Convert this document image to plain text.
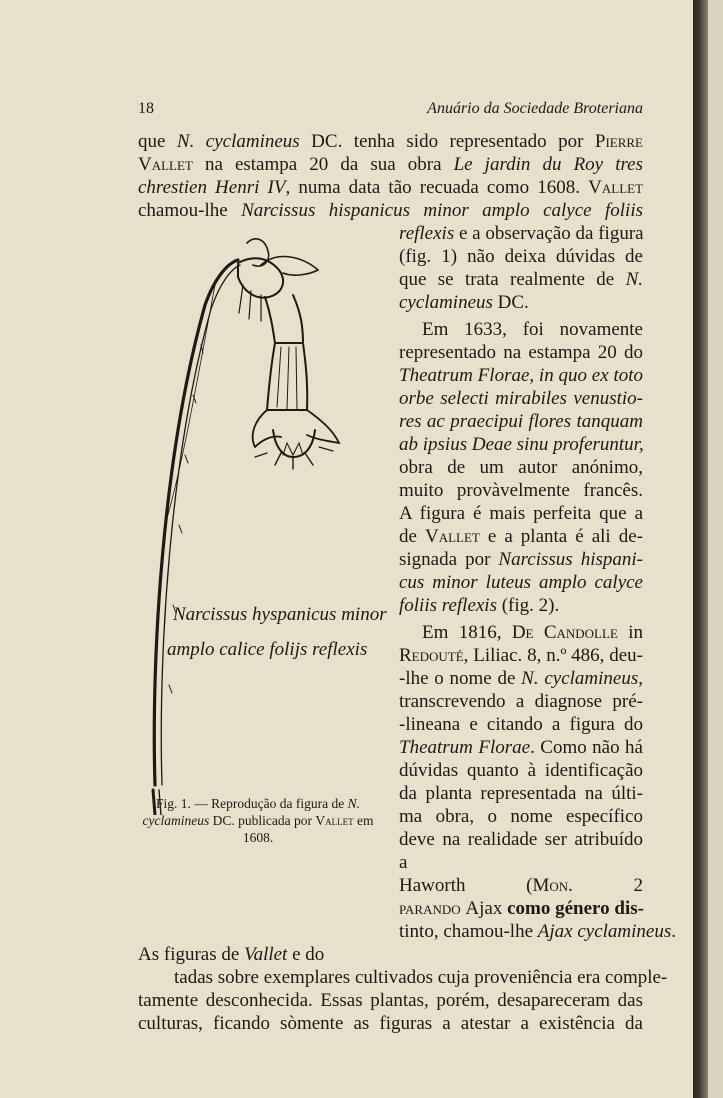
18	Anuário da Sociedade Broteriana
que N. cyclamineus DC. tenha sido representado por Pierre
Vallet na estampa 20 da sua obra Le jardin du Roy tres
chrestien Henri IV, numa data tão recuada como 1608. Vallet
chamou-lhe Narcissus hispanicus minor amplo calyce foliis
reflexis e a observação da figura
(fig. 1) não deixa dúvidas de
que se trata realmente de N.
cyclamineus DC.
Em 1633, foi novamente
representado na estampa 20 do
Theatrum Florae, in quo ex toto
orbe selecti mirabiles venustio-
res ac praecipui flores tanquam
ab ipsius Deae sinu proferuntur,
obra de um autor anónimo,
muito provàvelmente francês.
A figura é mais perfeita que a
de Vallet e a planta é ali de-
signada por Narcissus hispani-
cus minor luteus amplo calyce
foliis reflexis (fig. 2).
Em 1816, De Candolle in
Redouté, Liliac. 8, n.º 486, deu-
-lhe o nome de N. cyclamineus,
transcrevendo a diagnose pré-
-lineana e citando a figura do
Theatrum Florae. Como não há
dúvidas quanto à identificação
da planta representada na últi-
ma obra, o nome específico
deve na realidade ser atribuído
a
Haworth (Mon. 2
parando Ajax como género dis-
tinto, chamou-lhe Ajax cyclamineus.
As figuras de Vallet e do
tadas sobre exemplares cultivados cuja proveniência era comple-
tamente desconhecida. Essas plantas, porém, desapareceram das
culturas, ficando sòmente as figuras a atestar a existência da
Narcissus hyspanicus minor
amplo calice folijs reflexis
Fig. 1. — Reprodução da figura de N. cyclamineus DC. publicada por Vallet em 1608.
